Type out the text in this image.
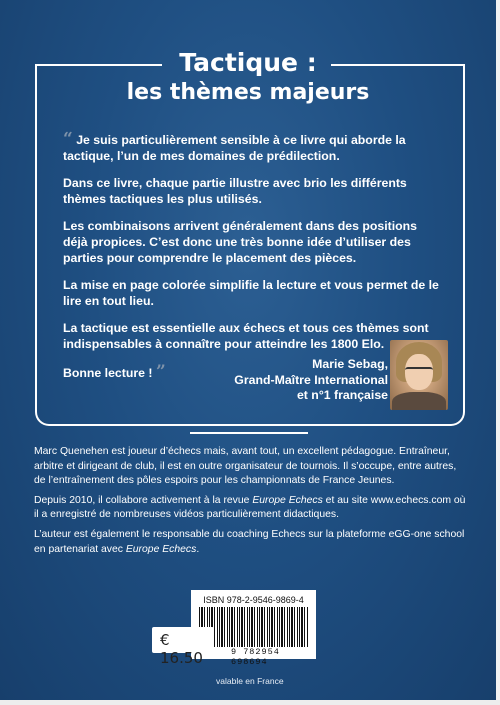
Tactique :
les thèmes majeurs

“ Je suis particulièrement sensible à ce livre qui aborde la tactique, l’un de mes domaines de prédilection.

Dans ce livre, chaque partie illustre avec brio les différents thèmes tactiques les plus utilisés.

Les combinaisons arrivent généralement dans des positions déjà propices. C’est donc une très bonne idée d’utiliser des parties pour comprendre le placement des pièces.

La mise en page colorée simplifie la lecture et vous permet de le lire en tout lieu.

La tactique est essentielle aux échecs et tous ces thèmes sont indispensables à connaître pour atteindre les 1800 Elo.

Bonne lecture ! ”	Marie Sebag,
Grand-Maître International
et n°1 française

Marc Quenehen est joueur d’échecs mais, avant tout, un excellent pédagogue. Entraîneur, arbitre et dirigeant de club, il est en outre organisateur de tournois. Il s’occupe, entre autres, de l’entraînement des pôles espoirs pour les championnats de France Jeunes.

Depuis 2010, il collabore activement à la revue Europe Echecs et au site www.echecs.com où il a enregistré de nombreuses vidéos particulièrement didactiques.

L’auteur est également le responsable du coaching Echecs sur la plateforme eGG-one school en partenariat avec Europe Echecs.

ISBN 978-2-9546-9869-4
9 782954 698694
€ 16.50
valable en France
